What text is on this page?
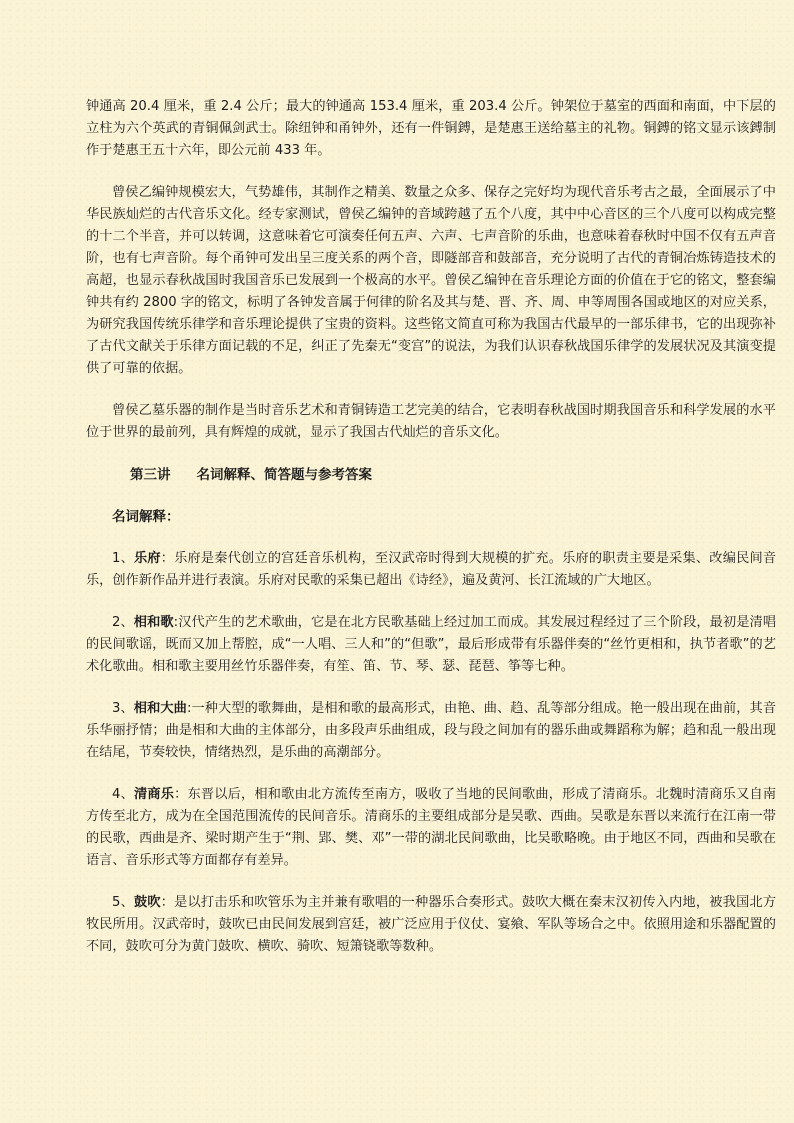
钟通高 20.4 厘米，重 2.4 公斤；最大的钟通高 153.4 厘米，重 203.4 公斤。钟架位于墓室的西面和南面，中下层的立柱为六个英武的青铜佩剑武士。除纽钟和甬钟外，还有一件铜鎛，是楚惠王送给墓主的礼物。铜鎛的铭文显示该鎛制作于楚惠王五十六年，即公元前 433 年。

曾侯乙编钟规模宏大，气势雄伟，其制作之精美、数量之众多、保存之完好均为现代音乐考古之最，全面展示了中华民族灿烂的古代音乐文化。经专家测试，曾侯乙编钟的音域跨越了五个八度，其中中心音区的三个八度可以构成完整的十二个半音，并可以转调，这意味着它可演奏任何五声、六声、七声音阶的乐曲，也意味着春秋时中国不仅有五声音阶，也有七声音阶。每个甬钟可发出呈三度关系的两个音，即隧部音和鼓部音，充分说明了古代的青铜冶炼铸造技术的高超，也显示春秋战国时我国音乐已发展到一个极高的水平。曾侯乙编钟在音乐理论方面的价值在于它的铭文，整套编钟共有约 2800 字的铭文，标明了各钟发音属于何律的阶名及其与楚、晋、齐、周、申等周围各国或地区的对应关系，为研究我国传统乐律学和音乐理论提供了宝贵的资料。这些铭文简直可称为我国古代最早的一部乐律书，它的出现弥补了古代文献关于乐律方面记载的不足，纠正了先秦无“变宫”的说法，为我们认识春秋战国乐律学的发展状况及其演变提供了可靠的依据。

曾侯乙墓乐器的制作是当时音乐艺术和青铜铸造工艺完美的结合，它表明春秋战国时期我国音乐和科学发展的水平位于世界的最前列，具有辉煌的成就，显示了我国古代灿烂的音乐文化。

第三讲 名词解释、简答题与参考答案

名词解释：

1、乐府：乐府是秦代创立的宫廷音乐机构，至汉武帝时得到大规模的扩充。乐府的职责主要是采集、改编民间音乐，创作新作品并进行表演。乐府对民歌的采集已超出《诗经》，遍及黄河、长江流域的广大地区。

2、相和歌:汉代产生的艺术歌曲，它是在北方民歌基础上经过加工而成。其发展过程经过了三个阶段，最初是清唱的民间歌谣，既而又加上帮腔，成“一人唱、三人和”的“但歌”，最后形成带有乐器伴奏的“丝竹更相和，执节者歌”的艺术化歌曲。相和歌主要用丝竹乐器伴奏，有笙、笛、节、琴、瑟、琵琶、筝等七种。

3、相和大曲:一种大型的歌舞曲，是相和歌的最高形式，由艳、曲、趋、乱等部分组成。艳一般出现在曲前，其音乐华丽抒情；曲是相和大曲的主体部分，由多段声乐曲组成，段与段之间加有的器乐曲或舞蹈称为解；趋和乱一般出现在结尾，节奏较快，情绪热烈，是乐曲的高潮部分。

4、清商乐：东晋以后，相和歌由北方流传至南方，吸收了当地的民间歌曲，形成了清商乐。北魏时清商乐又自南方传至北方，成为在全国范围流传的民间音乐。清商乐的主要组成部分是吴歌、西曲。吴歌是东晋以来流行在江南一带的民歌，西曲是齐、梁时期产生于“荆、郢、樊、邓”一带的湖北民间歌曲，比吴歌略晚。由于地区不同，西曲和吴歌在语言、音乐形式等方面都存有差异。

5、鼓吹：是以打击乐和吹管乐为主并兼有歌唱的一种器乐合奏形式。鼓吹大概在秦末汉初传入内地，被我国北方牧民所用。汉武帝时，鼓吹已由民间发展到宫廷，被广泛应用于仪仗、宴飨、军队等场合之中。依照用途和乐器配置的不同，鼓吹可分为黄门鼓吹、横吹、骑吹、短箫铙歌等数种。
